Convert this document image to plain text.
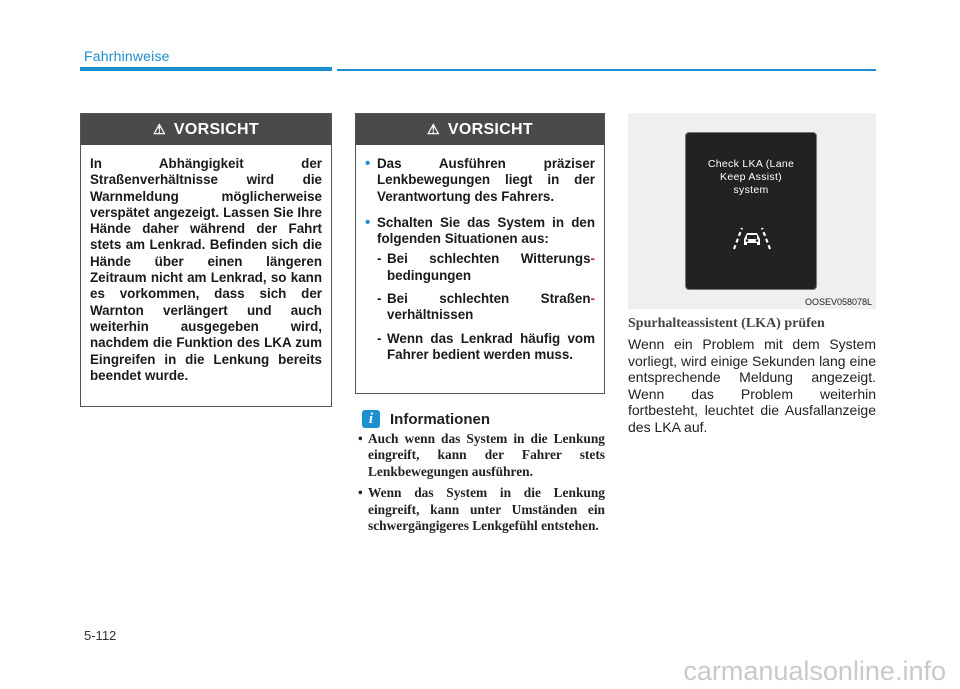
Fahrhinweise
⚠ VORSICHT
In Abhängigkeit der Straßenverhältnisse wird die Warnmeldung möglicherweise verspätet angezeigt. Lassen Sie Ihre Hände daher während der Fahrt stets am Lenkrad. Befinden sich die Hände über einen längeren Zeitraum nicht am Lenkrad, so kann es vorkommen, dass sich der Warnton verlängert und auch weiterhin ausgegeben wird, nachdem die Funktion des LKA zum Eingreifen in die Lenkung bereits beendet wurde.
⚠ VORSICHT
• Das Ausführen präziser Lenkbewegungen liegt in der Verantwortung des Fahrers.
• Schalten Sie das System in den folgenden Situationen aus:
- Bei schlechten Witterungs- bedingungen
- Bei schlechten Straßen- verhältnissen
- Wenn das Lenkrad häufig vom Fahrer bedient werden muss.
i	Informationen
• Auch wenn das System in die Lenkung eingreift, kann der Fahrer stets Lenkbewegungen ausführen.
• Wenn das System in die Lenkung eingreift, kann unter Umständen ein schwergängigeres Lenkgefühl entstehen.
Check LKA (Lane
Keep Assist)
system
OOSEV058078L
Spurhalteassistent (LKA) prüfen
Wenn ein Problem mit dem System vorliegt, wird einige Sekunden lang eine entsprechende Meldung angezeigt. Wenn das Problem weiterhin fortbesteht, leuchtet die Ausfallanzeige des LKA auf.
5-112
carmanualsonline.info
